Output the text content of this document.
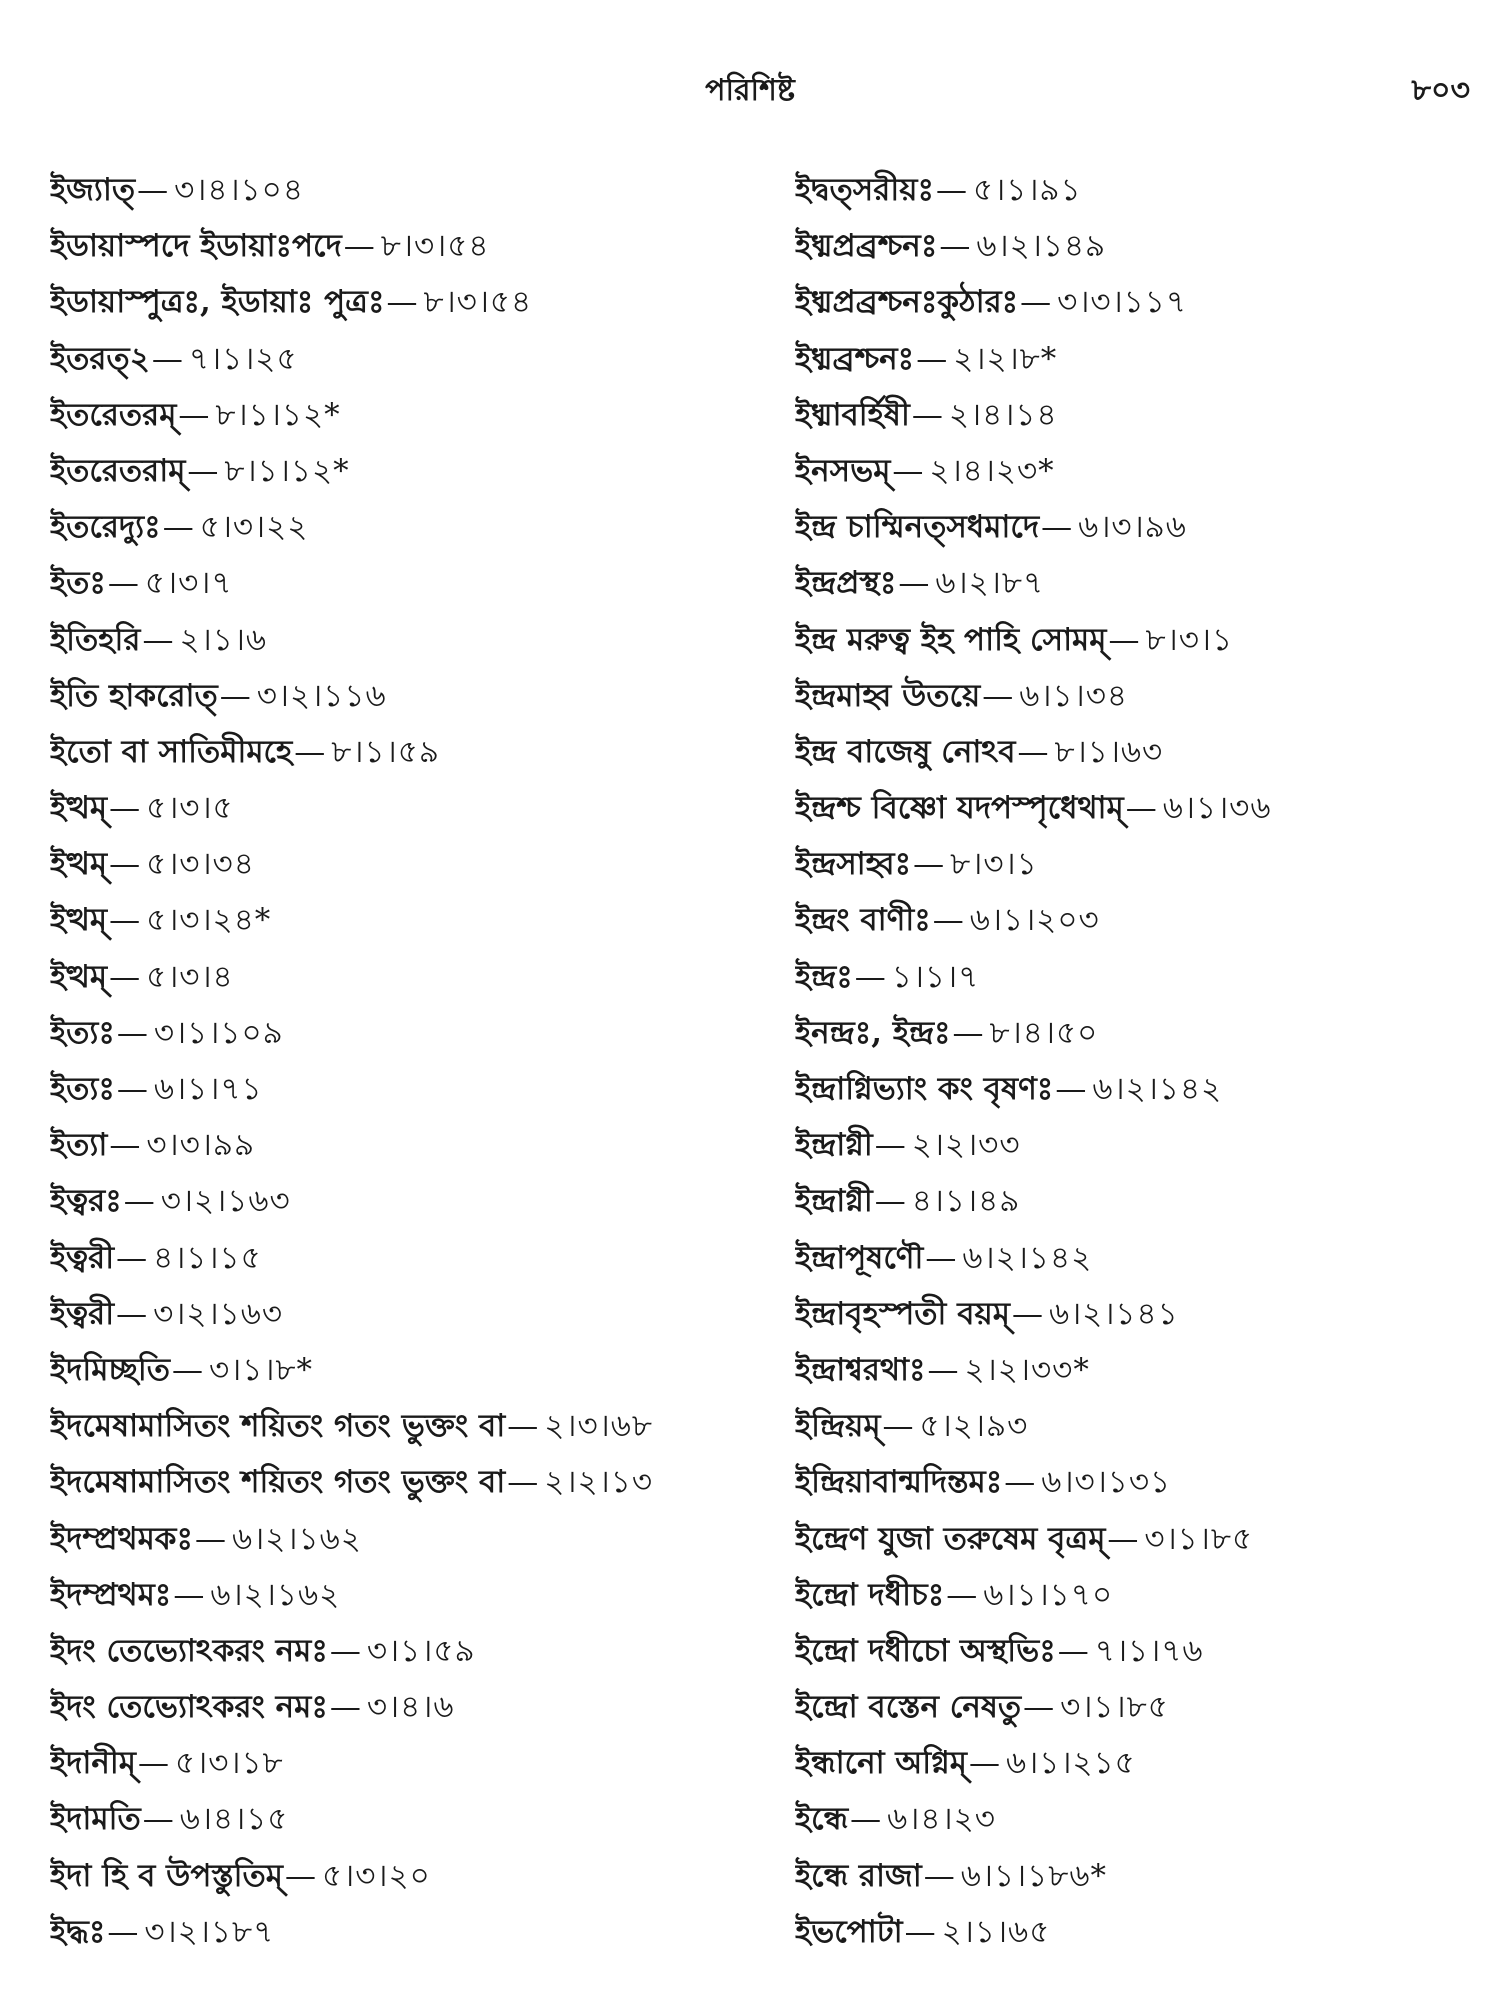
পরিশিষ্ট	৮০৩
ইজ্যাত্— ৩।৪।১০৪
ইডায়াস্পদে ইডায়াঃপদে— ৮।৩।৫৪
ইডায়াস্পুত্রঃ, ইডায়াঃ পুত্রঃ— ৮।৩।৫৪
ইতরত্২— ৭।১।২৫
ইতরেতরম্— ৮।১।১২*
ইতরেতরাম্— ৮।১।১২*
ইতরেদ্যুঃ— ৫।৩।২২
ইতঃ— ৫।৩।৭
ইতিহরি— ২।১।৬
ইতি হাকরোত্— ৩।২।১১৬
ইতো বা সাতিমীমহে— ৮।১।৫৯
ইত্থম্— ৫।৩।৫
ইত্থম্— ৫।৩।৩৪
ইত্থম্— ৫।৩।২৪*
ইত্থম্— ৫।৩।৪
ইত্যঃ— ৩।১।১০৯
ইত্যঃ— ৬।১।৭১
ইত্যা— ৩।৩।৯৯
ইত্বরঃ— ৩।২।১৬৩
ইত্বরী— ৪।১।১৫
ইত্বরী— ৩।২।১৬৩
ইদমিচ্ছতি— ৩।১।৮*
ইদমেষামাসিতং শয়িতং গতং ভুক্তং বা— ২।৩।৬৮
ইদমেষামাসিতং শয়িতং গতং ভুক্তং বা— ২।২।১৩
ইদম্প্রথমকঃ— ৬।২।১৬২
ইদম্প্রথমঃ— ৬।২।১৬২
ইদং তেভ্যোঽকরং নমঃ— ৩।১।৫৯
ইদং তেভ্যোঽকরং নমঃ— ৩।৪।৬
ইদানীম্— ৫।৩।১৮
ইদামতি— ৬।৪।১৫
ইদা হি ব উপস্তুতিম্— ৫।৩।২০
ইদ্ধঃ— ৩।২।১৮৭
ইদ্বত্সরীয়ঃ— ৫।১।৯১
ইধ্মপ্রব্রশ্চনঃ— ৬।২।১৪৯
ইধ্মপ্রব্রশ্চনঃকুঠারঃ— ৩।৩।১১৭
ইধ্মব্রশ্চনঃ— ২।২।৮*
ইধ্মাবর্হিষী— ২।৪।১৪
ইনসভম্— ২।৪।২৩*
ইন্দ্র চাম্মিনত্সধমাদে— ৬।৩।৯৬
ইন্দ্রপ্রস্থঃ— ৬।২।৮৭
ইন্দ্র মরুত্ব ইহ পাহি সোমম্— ৮।৩।১
ইন্দ্রমাহ্ব উতয়ে— ৬।১।৩৪
ইন্দ্র বাজেষু নোঽব— ৮।১।৬৩
ইন্দ্রশ্চ বিষ্ণো যদপস্পৃধেথাম্— ৬।১।৩৬
ইন্দ্রসাহ্বঃ— ৮।৩।১
ইন্দ্রং বাণীঃ— ৬।১।২০৩
ইন্দ্রঃ— ১।১।৭
ইনন্দ্রঃ, ইন্দ্রঃ— ৮।৪।৫০
ইন্দ্রাগ্নিভ্যাং কং বৃষণঃ— ৬।২।১৪২
ইন্দ্রাগ্নী— ২।২।৩৩
ইন্দ্রাগ্নী— ৪।১।৪৯
ইন্দ্রাপূষণৌ— ৬।২।১৪২
ইন্দ্রাবৃহস্পতী বয়ম্— ৬।২।১৪১
ইন্দ্রাশ্বরথাঃ— ২।২।৩৩*
ইন্দ্রিয়ম্— ৫।২।৯৩
ইন্দ্রিয়াবান্মদিন্তমঃ— ৬।৩।১৩১
ইন্দ্রেণ যুজা তরুষেম বৃত্রম্— ৩।১।৮৫
ইন্দ্রো দধীচঃ— ৬।১।১৭০
ইন্দ্রো দধীচো অস্থভিঃ— ৭।১।৭৬
ইন্দ্রো বস্তেন নেষতু— ৩।১।৮৫
ইন্ধানো অগ্নিম্— ৬।১।২১৫
ইন্ধে— ৬।৪।২৩
ইন্ধে রাজা— ৬।১।১৮৬*
ইভপোটা— ২।১।৬৫
